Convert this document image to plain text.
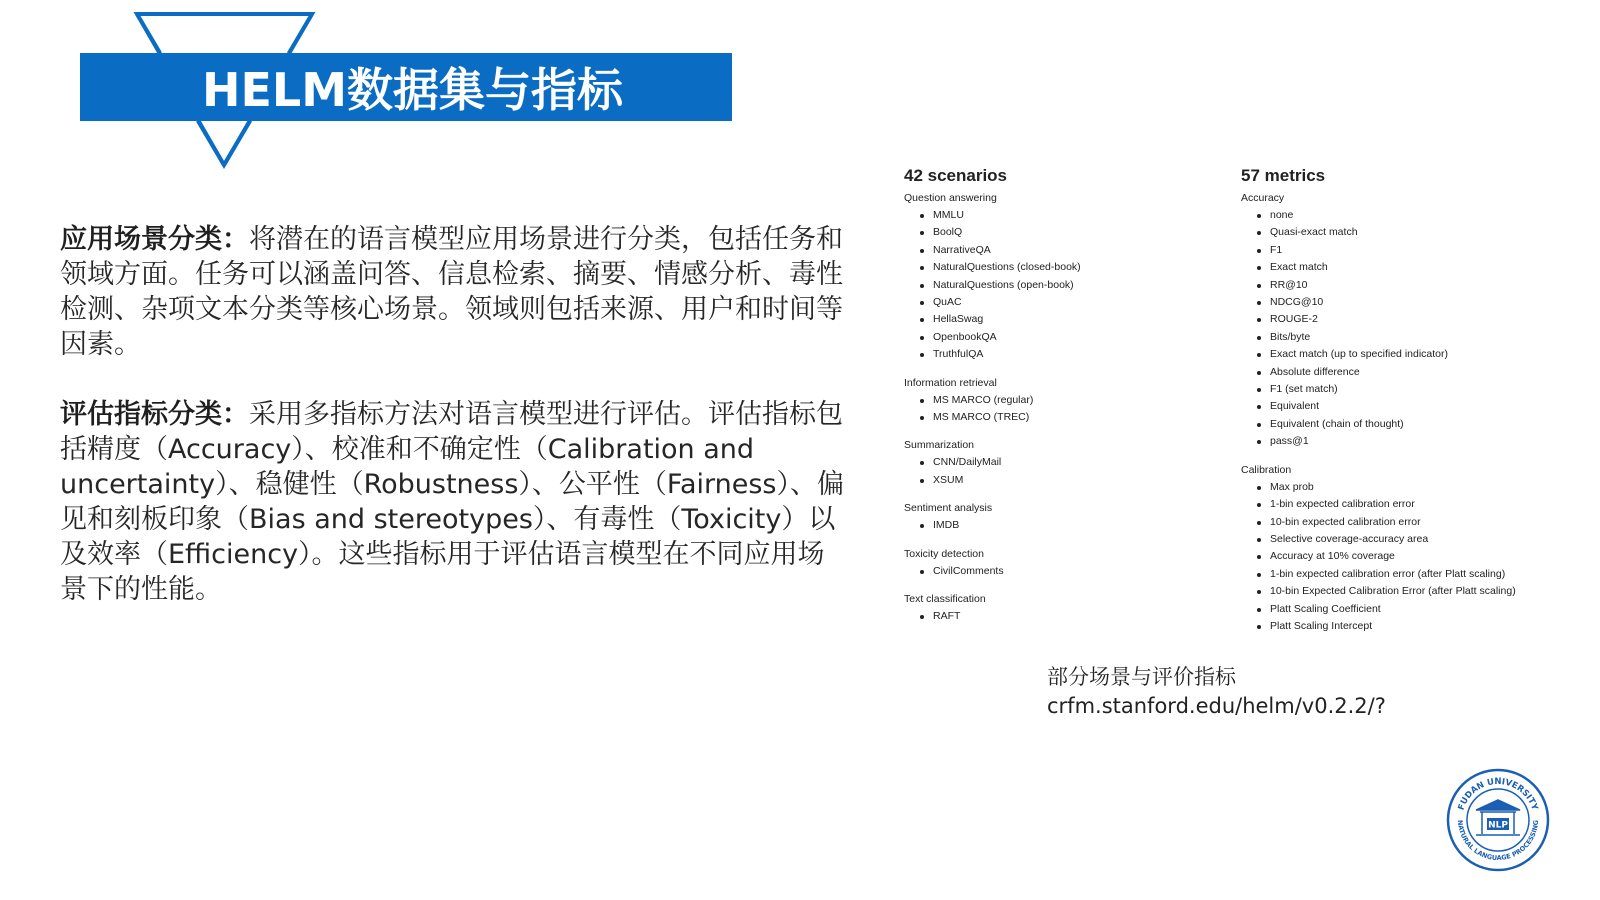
HELM数据集与指标

应用场景分类：将潜在的语言模型应用场景进行分类，包括任务和领域方面。任务可以涵盖问答、信息检索、摘要、情感分析、毒性检测、杂项文本分类等核心场景。领域则包括来源、用户和时间等因素。

评估指标分类：采用多指标方法对语言模型进行评估。评估指标包括精度（Accuracy）、校准和不确定性（Calibration and uncertainty）、稳健性（Robustness）、公平性（Fairness）、偏见和刻板印象（Bias and stereotypes）、有毒性（Toxicity）以及效率（Efficiency）。这些指标用于评估语言模型在不同应用场景下的性能。

42 scenarios

Question answering

MMLU
BoolQ
NarrativeQA
NaturalQuestions (closed-book)
NaturalQuestions (open-book)
QuAC
HellaSwag
OpenbookQA
TruthfulQA

Information retrieval

MS MARCO (regular)
MS MARCO (TREC)

Summarization

CNN/DailyMail
XSUM

Sentiment analysis

IMDB

Toxicity detection

CivilComments

Text classification

RAFT
57 metrics

Accuracy

none
Quasi-exact match
F1
Exact match
RR@10
NDCG@10
ROUGE-2
Bits/byte
Exact match (up to specified indicator)
Absolute difference
F1 (set match)
Equivalent
Equivalent (chain of thought)
pass@1

Calibration

Max prob
1-bin expected calibration error
10-bin expected calibration error
Selective coverage-accuracy area
Accuracy at 10% coverage
1-bin expected calibration error (after Platt scaling)
10-bin Expected Calibration Error (after Platt scaling)
Platt Scaling Coefficient
Platt Scaling Intercept
部分场景与评价指标
crfm.stanford.edu/helm/v0.2.2/?
FUDAN UNIVERSITY
NATURAL LANGUAGE PROCESSING
NLP
